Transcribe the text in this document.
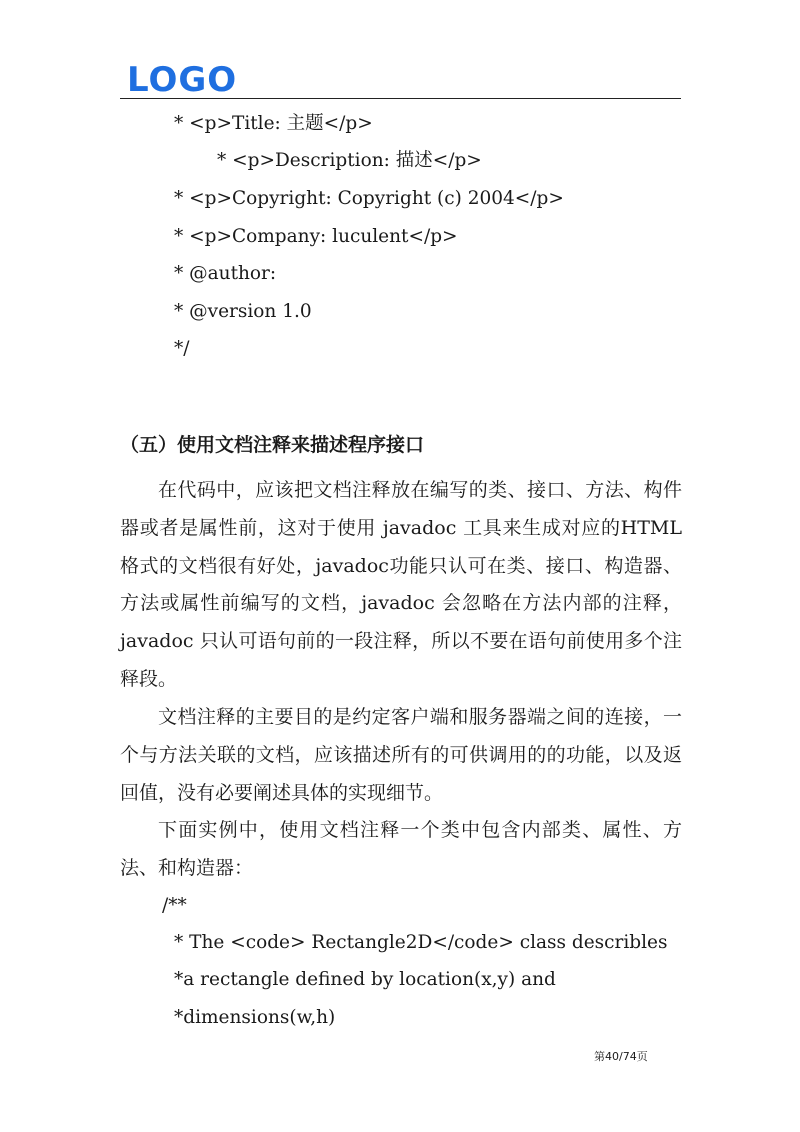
LOGO
* <p>Title: 主题</p>
* <p>Description: 描述</p>
* <p>Copyright: Copyright (c) 2004</p>
* <p>Company: luculent</p>
* @author:
* @version 1.0
*/
（五）使用文档注释来描述程序接口
在代码中，应该把文档注释放在编写的类、接口、方法、构件器或者是属性前，这对于使用 javadoc 工具来生成对应的HTML格式的文档很有好处，javadoc功能只认可在类、接口、构造器、方法或属性前编写的文档，javadoc 会忽略在方法内部的注释，javadoc 只认可语句前的一段注释，所以不要在语句前使用多个注释段。
文档注释的主要目的是约定客户端和服务器端之间的连接，一个与方法关联的文档，应该描述所有的可供调用的的功能，以及返回值，没有必要阐述具体的实现细节。
下面实例中，使用文档注释一个类中包含内部类、属性、方法、和构造器：
/**
* The <code> Rectangle2D</code> class describles
*a rectangle defined by location(x,y) and
*dimensions(w,h)
第40/74页
